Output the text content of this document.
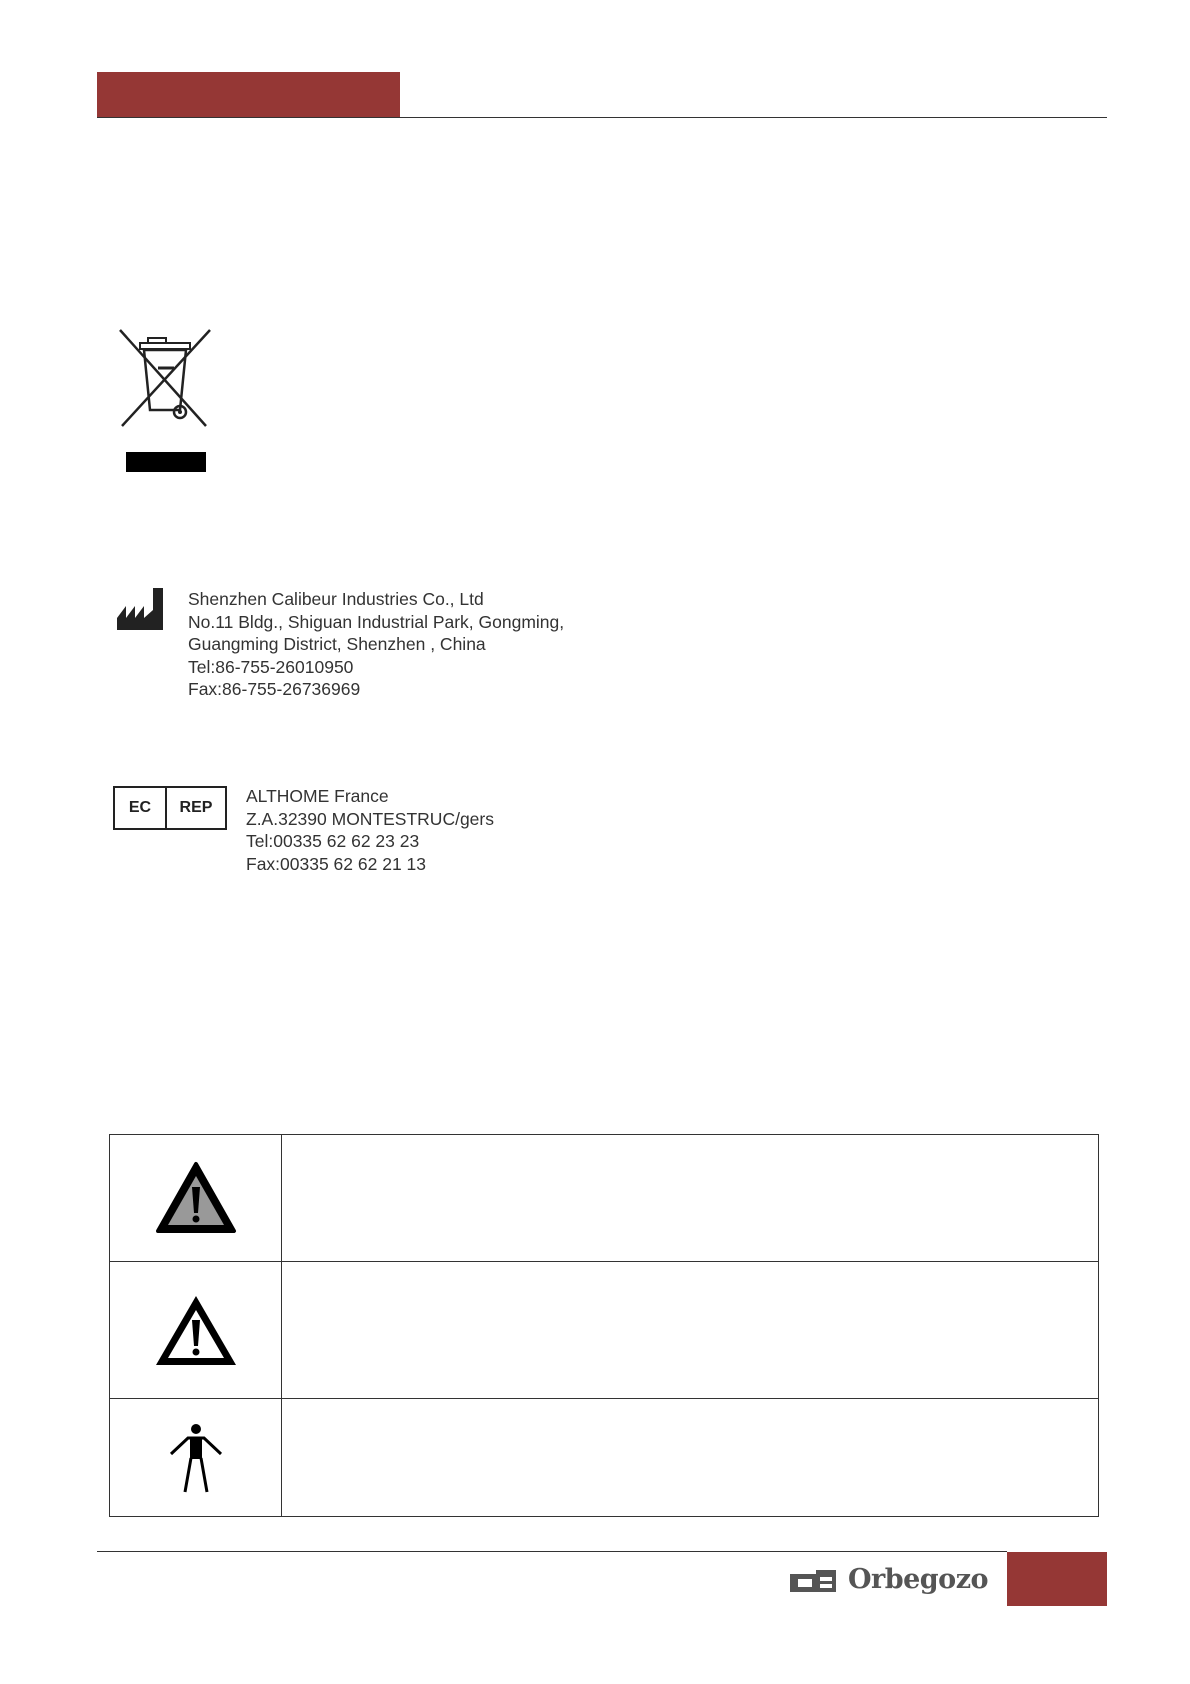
Shenzhen Calibeur Industries Co., Ltd
No.11 Bldg., Shiguan Industrial Park, Gongming,
Guangming District, Shenzhen , China
Tel:86-755-26010950
Fax:86-755-26736969
EC	REP
ALTHOME France
Z.A.32390 MONTESTRUC/gers
Tel:00335 62 62 23 23
Fax:00335 62 62 21 13
Orbegozo
